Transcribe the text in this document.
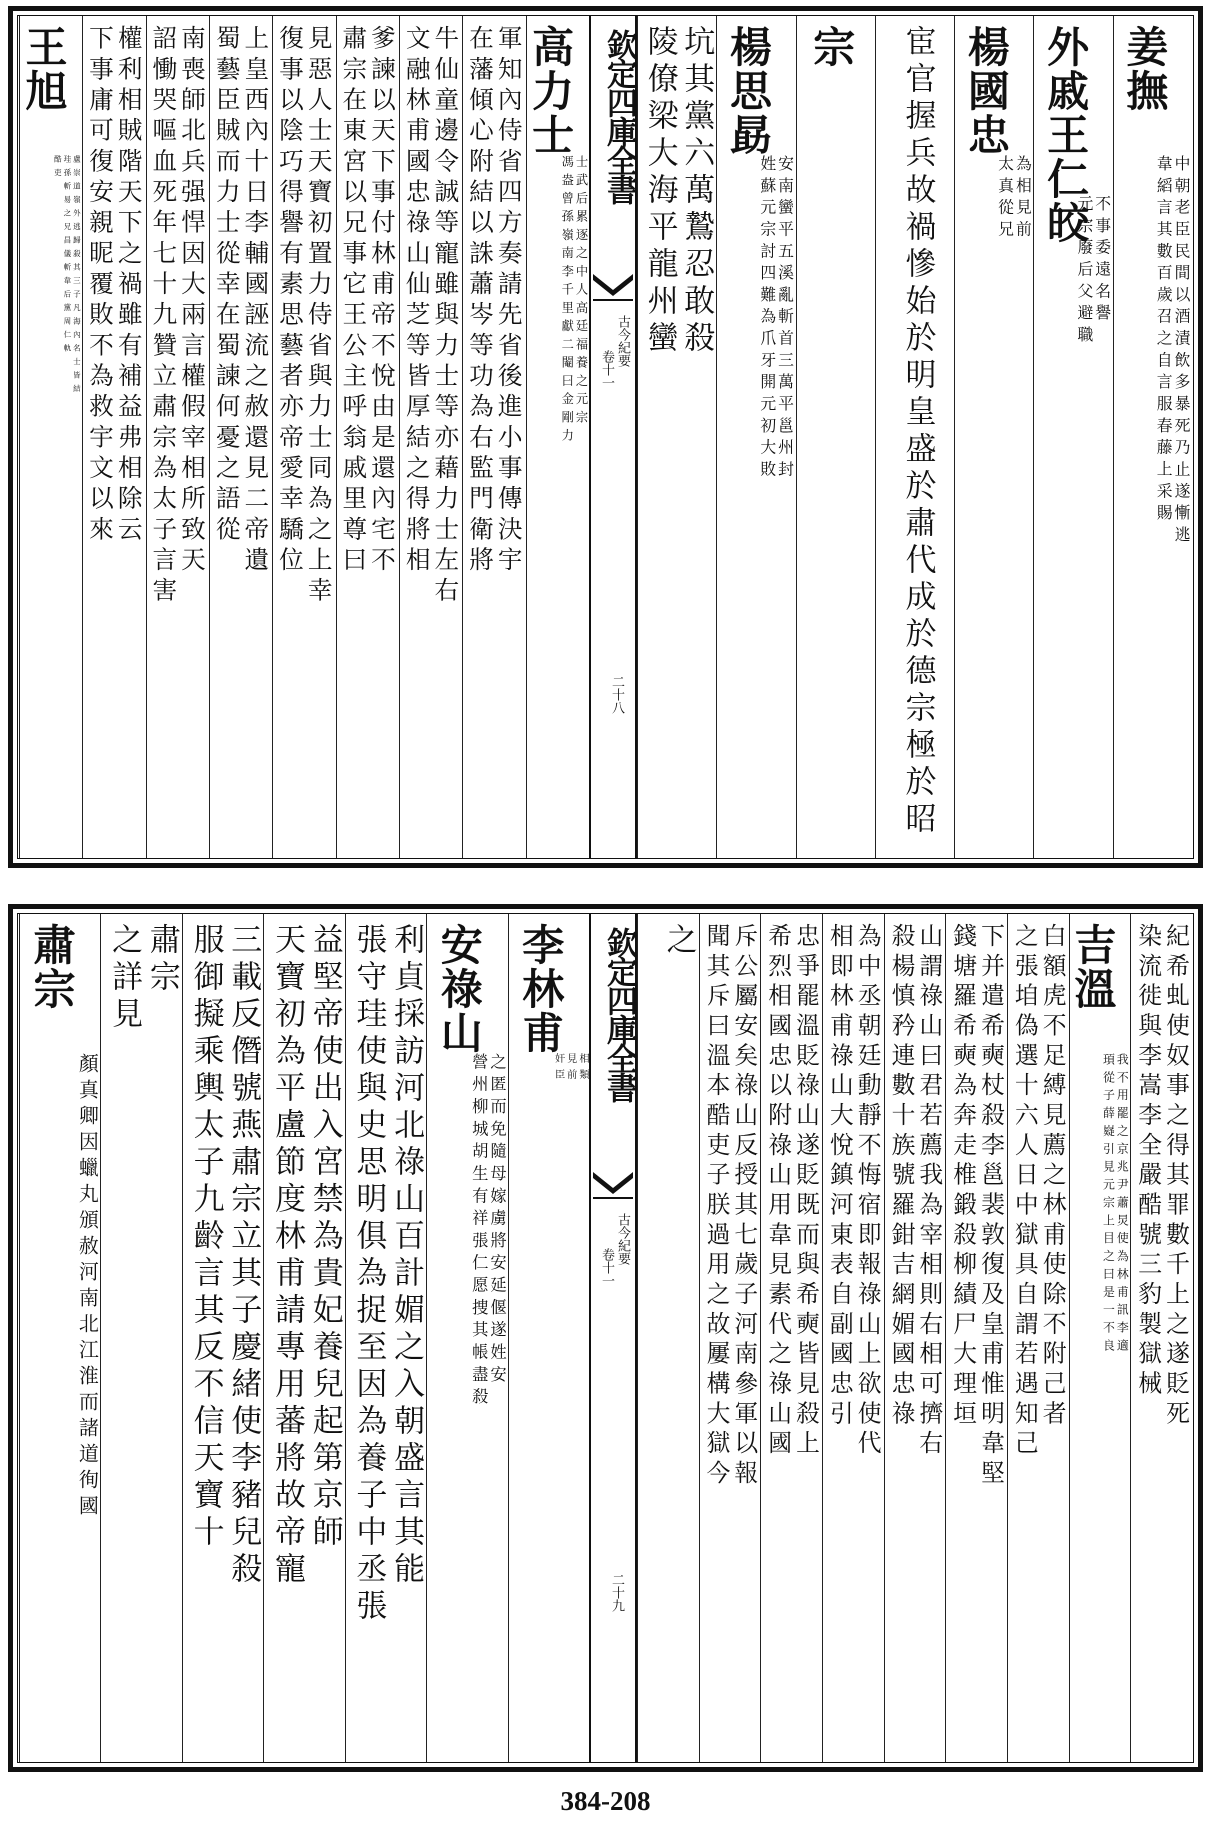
欽定四庫全書
古今紀要
卷十一
二十八
姜撫
韋縚言其數百歲召之自言服春藤上采賜
中朝老臣民間以酒漬飲多暴死乃止遂慚逃
外戚王仁皎
元宗廢后父避職
不事委遠名譽
楊國忠
太真從兄
為相見前
宦官握兵故禍慘始於明皇盛於肅代成於德宗極於昭
宗
楊思勗
姓蘇元宗討四難為爪牙開元初大敗
安南蠻平五溪亂斬首三萬平邕州封
陵僚梁大海平龍州蠻 坑其黨六萬鷙忍敢殺
高力士
馮盎曾孫嶺南李千里獻二閹曰金剛力 士武后累逐之中人高廷福養之元宗
在藩傾心附結以誅蕭岑等功為右監門衛將 軍知內侍省四方奏請先省後進小事傳決宇
文融林甫國忠祿山仙芝等皆厚結之得將相 牛仙童邊令誠等寵雖與力士等亦藉力士左右
肅宗在東宮以兄事它王公主呼翁戚里尊曰 爹諫以天下事付林甫帝不悅由是還內宅不
復事以陰巧得譽有素思藝者亦帝愛幸驕位 見惡人士天寶初置力侍省與力士同為之上幸
蜀藝臣賊而力士從幸在蜀諫何憂之語從 上皇西內十日李輔國誣流之赦還見二帝遺
詔慟哭嘔血死年七十九贊立肅宗為太子言害 南喪師北兵强悍因大兩言權假宰相所致天
下事庸可復安親昵覆敗不為救宇文以來 權利相賊階天下之禍雖有補益弗相除云
王旭
酷吏 珪孫斬易之兄昌儀斬韋后黨周仁軌 盧崇道嶺外逃歸殺其三子凡海內名士皆結
欽定四庫全書
古今紀要
卷十一
二十九
染流徙與李嵩李全嚴酷號三豹製獄械 紀希虬使奴事之得其罪數千上之遂貶死
吉溫
頊從子薛嶷引見元宗上目之曰是一不良 我不用罷之京兆尹蕭炅使為林甫訊李適
之張垍偽選十六人日中獄具自謂若遇知己 白額虎不足縛見薦之林甫使除不附己者
錢塘羅希奭為奔走椎鍛殺柳績尸大理垣 下并遣希奭杖殺李邕裴敦復及皇甫惟明韋堅
殺楊慎矜連數十族號羅鉗吉網媚國忠祿 山謂祿山曰君若薦我為宰相則右相可擠右
相即林甫祿山大悅鎮河東表自副國忠引 為中丞朝廷動靜不悔宿即報祿山上欲使代
希烈相國忠以附祿山用韋見素代之祿山國 忠爭罷溫貶祿山遂貶既而與希奭皆見殺上
聞其斥曰溫本酷吏子朕過用之故屢構大獄今 斥公屬安矣祿山反授其七歲子河南參軍以報
之
李林甫
奸臣 見前 相類
安祿山
營州柳城胡生有祥張仁愿捜其帳盡殺 之匿而免隨母嫁虜將安延偃遂姓安
張守珪使與史思明俱為捉至因為養子中丞張 利貞採訪河北祿山百計媚之入朝盛言其能
天寶初為平盧節度林甫請專用蕃將故帝寵 益堅帝使出入宮禁為貴妃養兒起第京師
服御擬乘輿太子九齡言其反不信天寶十 三載反僭號燕肅宗立其子慶緒使李豬兒殺
之詳見 肅宗
肅宗
顏真卿因蠟丸頒赦河南北江淮而諸道徇國
384-208
